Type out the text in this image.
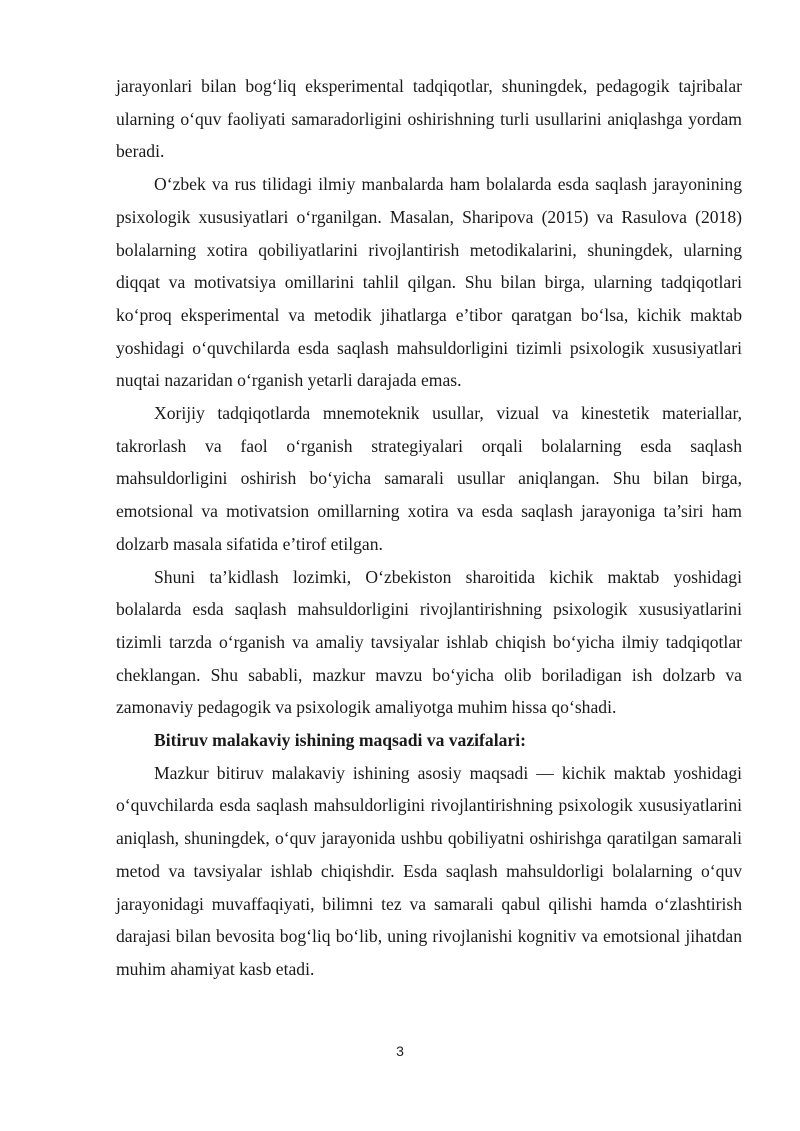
jarayonlari bilan bog‘liq eksperimental tadqiqotlar, shuningdek, pedagogik tajribalar ularning o‘quv faoliyati samaradorligini oshirishning turli usullarini aniqlashga yordam beradi.

O‘zbek va rus tilidagi ilmiy manbalarda ham bolalarda esda saqlash jarayonining psixologik xususiyatlari o‘rganilgan. Masalan, Sharipova (2015) va Rasulova (2018) bolalarning xotira qobiliyatlarini rivojlantirish metodikalarini, shuningdek, ularning diqqat va motivatsiya omillarini tahlil qilgan. Shu bilan birga, ularning tadqiqotlari ko‘proq eksperimental va metodik jihatlarga e’tibor qaratgan bo‘lsa, kichik maktab yoshidagi o‘quvchilarda esda saqlash mahsuldorligini tizimli psixologik xususiyatlari nuqtai nazaridan o‘rganish yetarli darajada emas.

Xorijiy tadqiqotlarda mnemoteknik usullar, vizual va kinestetik materiallar, takrorlash va faol o‘rganish strategiyalari orqali bolalarning esda saqlash mahsuldorligini oshirish bo‘yicha samarali usullar aniqlangan. Shu bilan birga, emotsional va motivatsion omillarning xotira va esda saqlash jarayoniga ta’siri ham dolzarb masala sifatida e’tirof etilgan.

Shuni ta’kidlash lozimki, O‘zbekiston sharoitida kichik maktab yoshidagi bolalarda esda saqlash mahsuldorligini rivojlantirishning psixologik xususiyatlarini tizimli tarzda o‘rganish va amaliy tavsiyalar ishlab chiqish bo‘yicha ilmiy tadqiqotlar cheklangan. Shu sababli, mazkur mavzu bo‘yicha olib boriladigan ish dolzarb va zamonaviy pedagogik va psixologik amaliyotga muhim hissa qo‘shadi.

Bitiruv malakaviy ishining maqsadi va vazifalari:

Mazkur bitiruv malakaviy ishining asosiy maqsadi — kichik maktab yoshidagi o‘quvchilarda esda saqlash mahsuldorligini rivojlantirishning psixologik xususiyatlarini aniqlash, shuningdek, o‘quv jarayonida ushbu qobiliyatni oshirishga qaratilgan samarali metod va tavsiyalar ishlab chiqishdir. Esda saqlash mahsuldorligi bolalarning o‘quv jarayonidagi muvaffaqiyati, bilimni tez va samarali qabul qilishi hamda o‘zlashtirish darajasi bilan bevosita bog‘liq bo‘lib, uning rivojlanishi kognitiv va emotsional jihatdan muhim ahamiyat kasb etadi.

3
